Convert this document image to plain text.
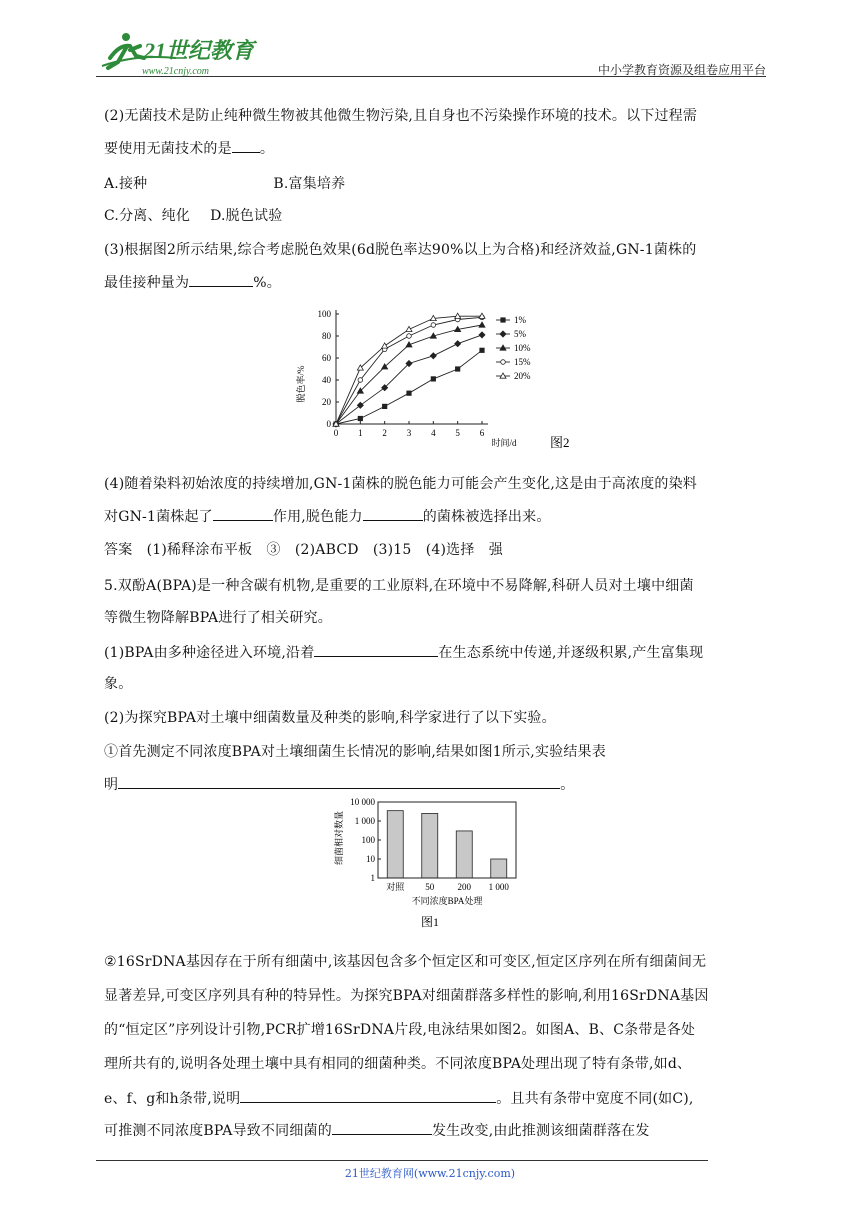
21世纪教育
www.21cnjy.com	中小学教育资源及组卷应用平台
(2)无菌技术是防止纯种微生物被其他微生物污染,且自身也不污染操作环境的技术。以下过程需
要使用无菌技术的是 。
A.接种	B.富集培养
C.分离、纯化 D.脱色试验
(3)根据图2所示结果,综合考虑脱色效果(6d脱色率达90%以上为合格)和经济效益,GN-1菌株的
最佳接种量为	%。
0
20
40
60
80
100
0 1 2 3 4 5 6
脱色率/%
时间/d	图2
1%
5%
10%
15%
20%
(4)随着染料初始浓度的持续增加,GN-1菌株的脱色能力可能会产生变化,这是由于高浓度的染料
对GN-1菌株起了	作用,脱色能力	的菌株被选择出来。
答案　(1)稀释涂布平板　③　(2)ABCD　(3)15　(4)选择　强
5.双酚A(BPA)是一种含碳有机物,是重要的工业原料,在环境中不易降解,科研人员对土壤中细菌
等微生物降解BPA进行了相关研究。
(1)BPA由多种途径进入环境,沿着	在生态系统中传递,并逐级积累,产生富集现
象。
(2)为探究BPA对土壤中细菌数量及种类的影响,科学家进行了以下实验。
①首先测定不同浓度BPA对土壤细菌生长情况的影响,结果如图1所示,实验结果表
明	。
1
10
100
1 000
10 000
细菌相对数量
对照 50	200 1 000
不同浓度BPA处理
图1
②16SrDNA基因存在于所有细菌中,该基因包含多个恒定区和可变区,恒定区序列在所有细菌间无
显著差异,可变区序列具有种的特异性。为探究BPA对细菌群落多样性的影响,利用16SrDNA基因
的“恒定区”序列设计引物,PCR扩增16SrDNA片段,电泳结果如图2。如图A、B、C条带是各处
理所共有的,说明各处理土壤中具有相同的细菌种类。不同浓度BPA处理出现了特有条带,如d、
e、f、g和h条带,说明	。且共有条带中宽度不同(如C),
可推测不同浓度BPA导致不同细菌的	发生改变,由此推测该细菌群落在发
21世纪教育网(www.21cnjy.com)
